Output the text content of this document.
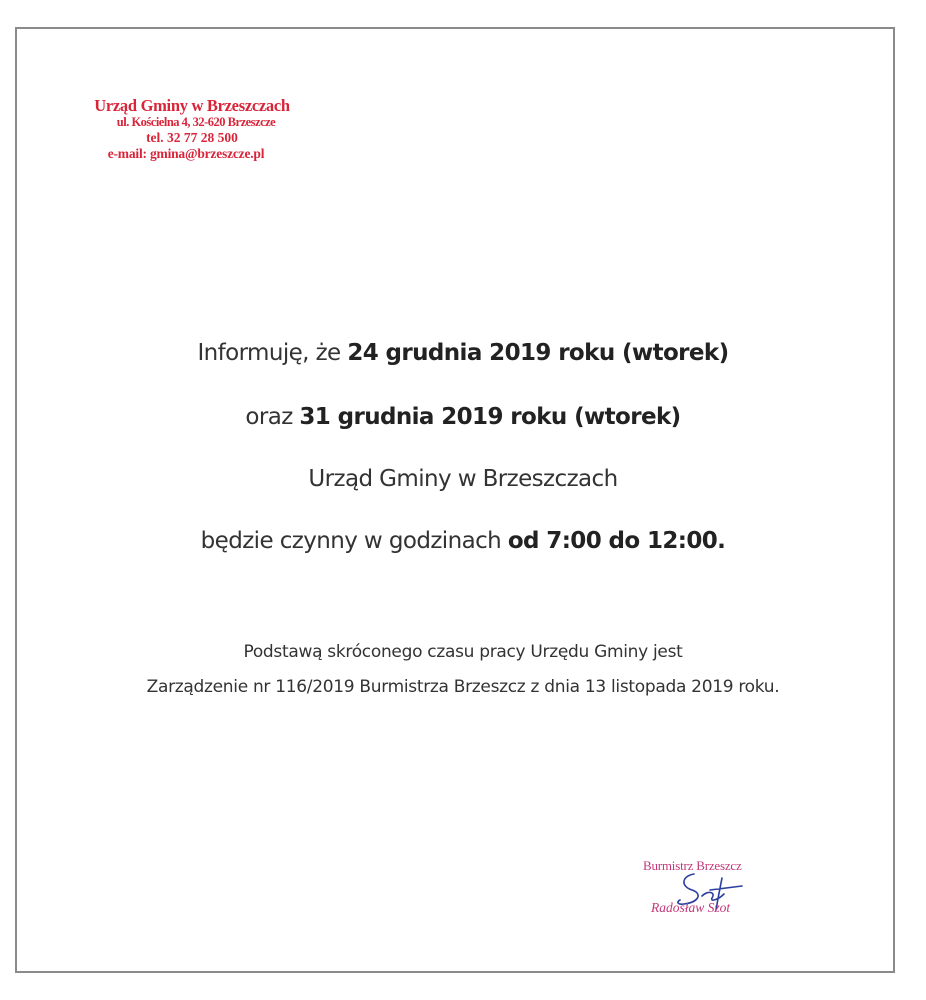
Urząd Gminy w Brzeszczach
ul. Kościelna 4, 32-620 Brzeszcze
tel. 32 77 28 500
e-mail: gmina@brzeszcze.pl
Informuję, że 24 grudnia 2019 roku (wtorek)
oraz 31 grudnia 2019 roku (wtorek)
Urząd Gminy w Brzeszczach
będzie czynny w godzinach od 7:00 do 12:00.
Podstawą skróconego czasu pracy Urzędu Gminy jest
Zarządzenie nr 116/2019 Burmistrza Brzeszcz z dnia 13 listopada 2019 roku.
Burmistrz Brzeszcz
Radosław Szot
